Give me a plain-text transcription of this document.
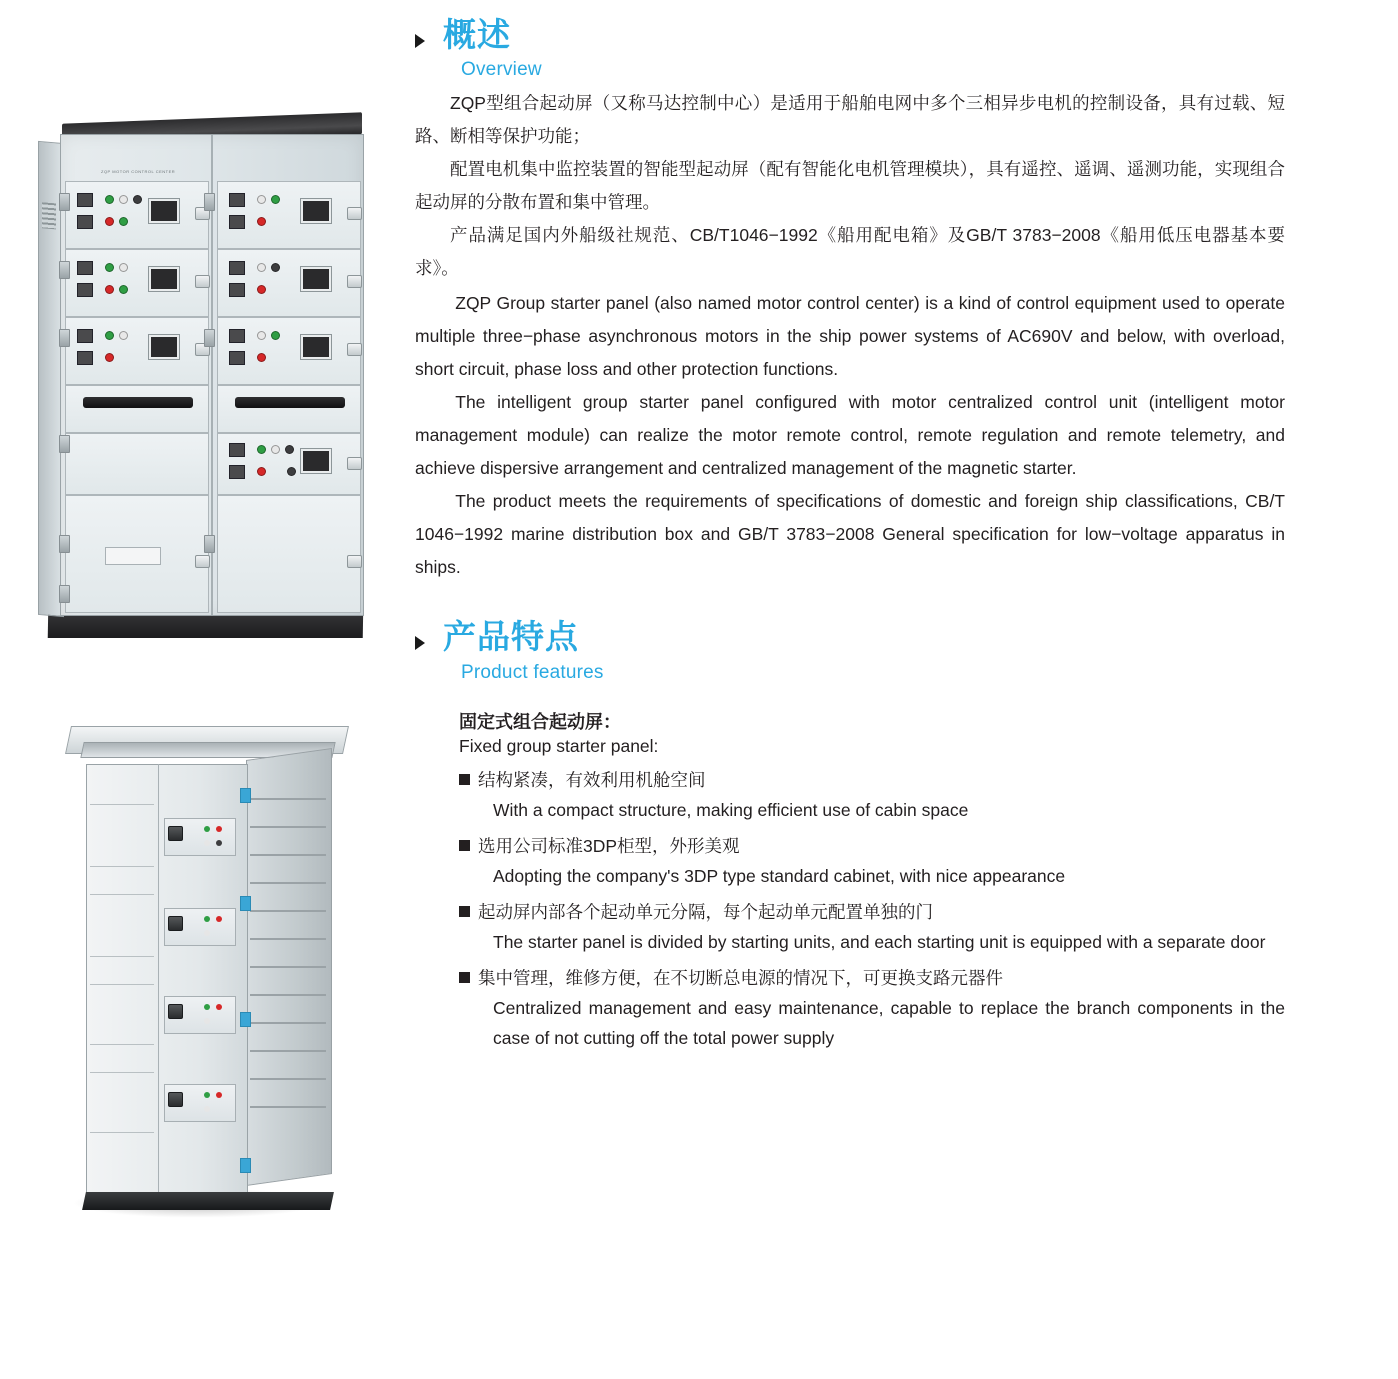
ZQP MOTOR CONTROL CENTER
概述
Overview

ZQP型组合起动屏（又称马达控制中心）是适用于船舶电网中多个三相异步电机的控制设备，具有过载、短路、断相等保护功能；

配置电机集中监控装置的智能型起动屏（配有智能化电机管理模块），具有遥控、遥调、遥测功能，实现组合起动屏的分散布置和集中管理。

产品满足国内外船级社规范、CB/T1046−1992《船用配电箱》及GB/T 3783−2008《船用低压电器基本要求》。

ZQP Group starter panel (also named motor control center) is a kind of control equipment used to operate multiple three−phase asynchronous motors in the ship power systems of AC690V and below, with overload, short circuit, phase loss and other protection functions.

The intelligent group starter panel configured with motor centralized control unit (intelligent motor management module) can realize the motor remote control, remote regulation and remote telemetry, and achieve dispersive arrangement and centralized management of the magnetic starter.

The product meets the requirements of specifications of domestic and foreign ship classifications, CB/T 1046−1992 marine distribution box and GB/T 3783−2008 General specification for low−voltage apparatus in ships.

产品特点
Product features
固定式组合起动屏：
Fixed group starter panel:
结构紧凑，有效利用机舱空间
With a compact structure, making efficient use of cabin space
选用公司标准3DP柜型，外形美观
Adopting the company's 3DP type standard cabinet, with nice appearance
起动屏内部各个起动单元分隔，每个起动单元配置单独的门
The starter panel is divided by starting units, and each starting unit is equipped with a separate door
集中管理，维修方便，在不切断总电源的情况下，可更换支路元器件
Centralized management and easy maintenance, capable to replace the branch components in the case of not cutting off the total power supply
